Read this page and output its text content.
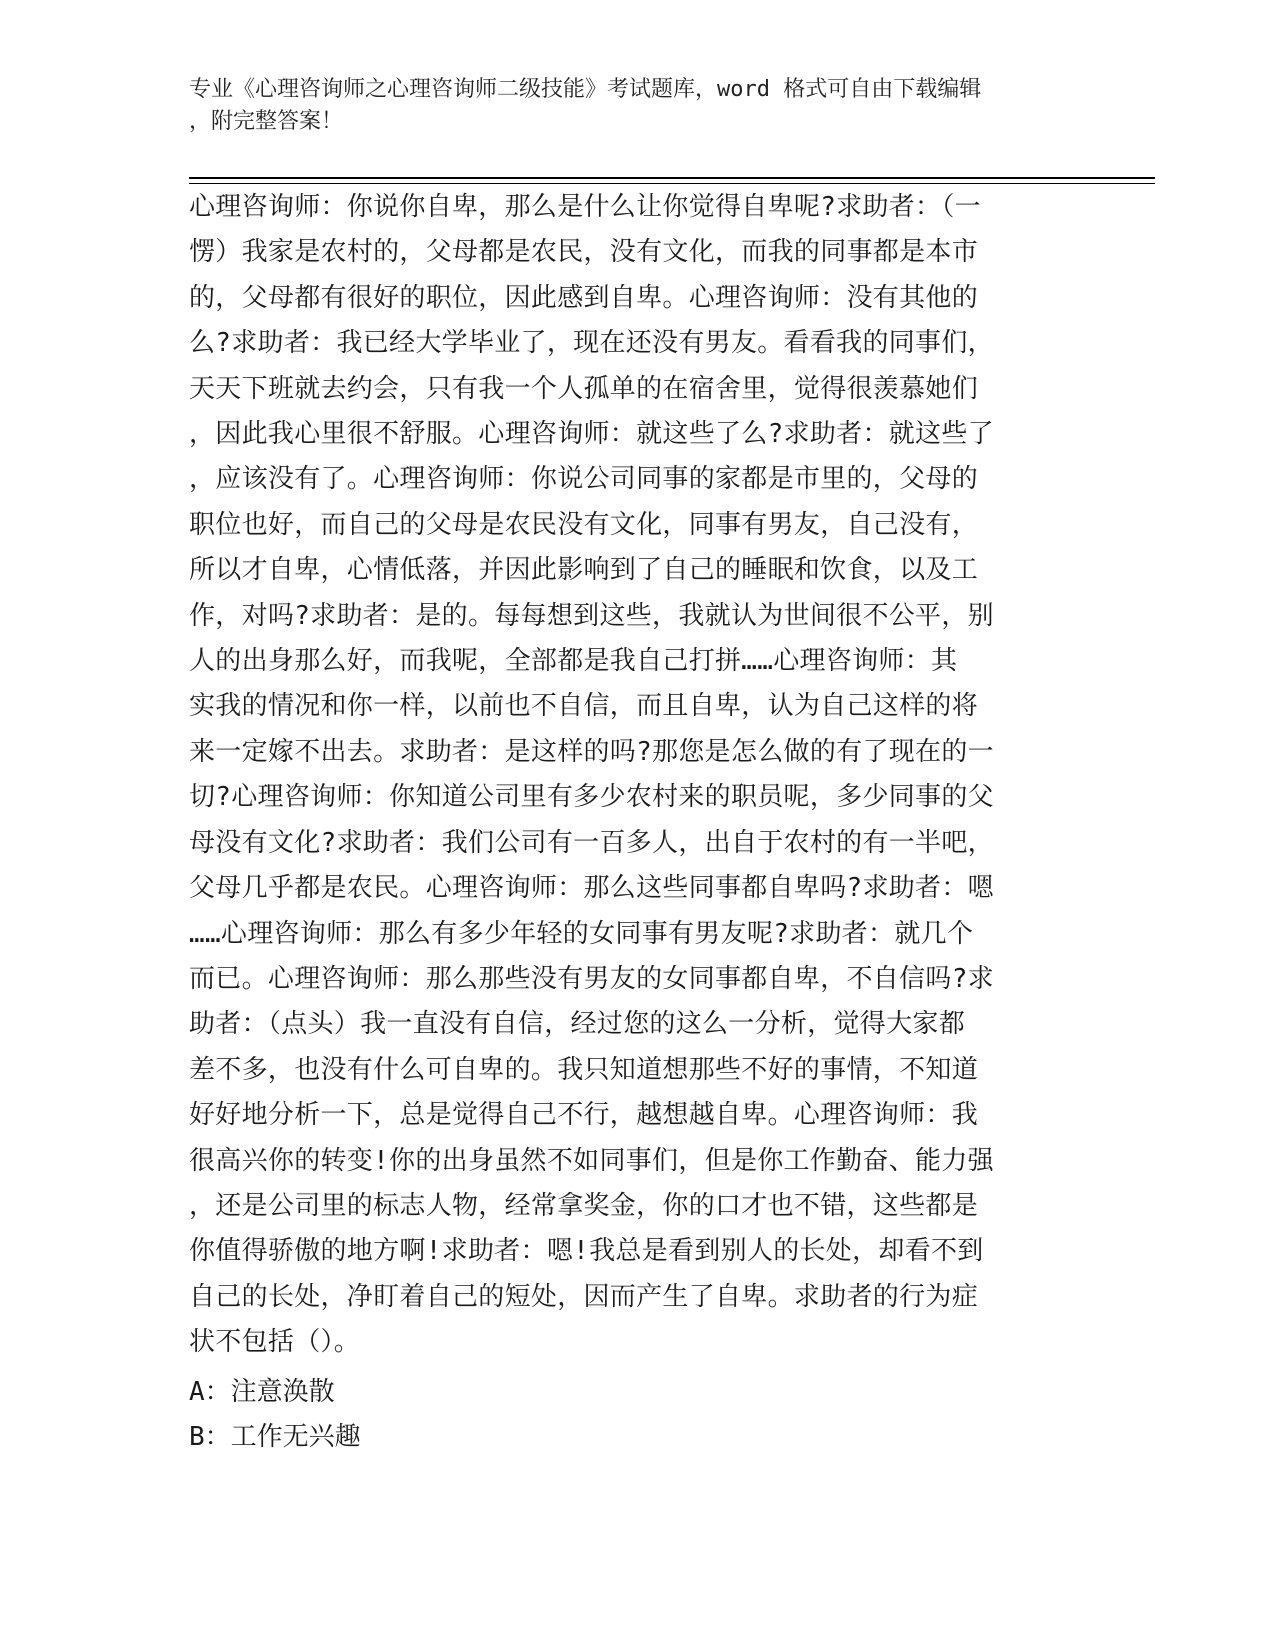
专业《心理咨询师之心理咨询师二级技能》考试题库，word 格式可自由下载编辑
，附完整答案！
心理咨询师：你说你自卑，那么是什么让你觉得自卑呢?求助者：（一
愣）我家是农村的，父母都是农民，没有文化，而我的同事都是本市
的，父母都有很好的职位，因此感到自卑。心理咨询师：没有其他的
么?求助者：我已经大学毕业了，现在还没有男友。看看我的同事们，
天天下班就去约会，只有我一个人孤单的在宿舍里，觉得很羡慕她们
，因此我心里很不舒服。心理咨询师：就这些了么?求助者：就这些了
，应该没有了。心理咨询师：你说公司同事的家都是市里的，父母的
职位也好，而自己的父母是农民没有文化，同事有男友，自己没有，
所以才自卑，心情低落，并因此影响到了自己的睡眠和饮食，以及工
作，对吗?求助者：是的。每每想到这些，我就认为世间很不公平，别
人的出身那么好，而我呢，全部都是我自己打拼……心理咨询师：其
实我的情况和你一样，以前也不自信，而且自卑，认为自己这样的将
来一定嫁不出去。求助者：是这样的吗?那您是怎么做的有了现在的一
切?心理咨询师：你知道公司里有多少农村来的职员呢，多少同事的父
母没有文化?求助者：我们公司有一百多人，出自于农村的有一半吧，
父母几乎都是农民。心理咨询师：那么这些同事都自卑吗?求助者：嗯
……心理咨询师：那么有多少年轻的女同事有男友呢?求助者：就几个
而已。心理咨询师：那么那些没有男友的女同事都自卑，不自信吗?求
助者：（点头）我一直没有自信，经过您的这么一分析，觉得大家都
差不多，也没有什么可自卑的。我只知道想那些不好的事情，不知道
好好地分析一下，总是觉得自己不行，越想越自卑。心理咨询师：我
很高兴你的转变!你的出身虽然不如同事们，但是你工作勤奋、能力强
，还是公司里的标志人物，经常拿奖金，你的口才也不错，这些都是
你值得骄傲的地方啊!求助者：嗯!我总是看到别人的长处，却看不到
自己的长处，净盯着自己的短处，因而产生了自卑。求助者的行为症
状不包括（）。
A：注意涣散
B：工作无兴趣
